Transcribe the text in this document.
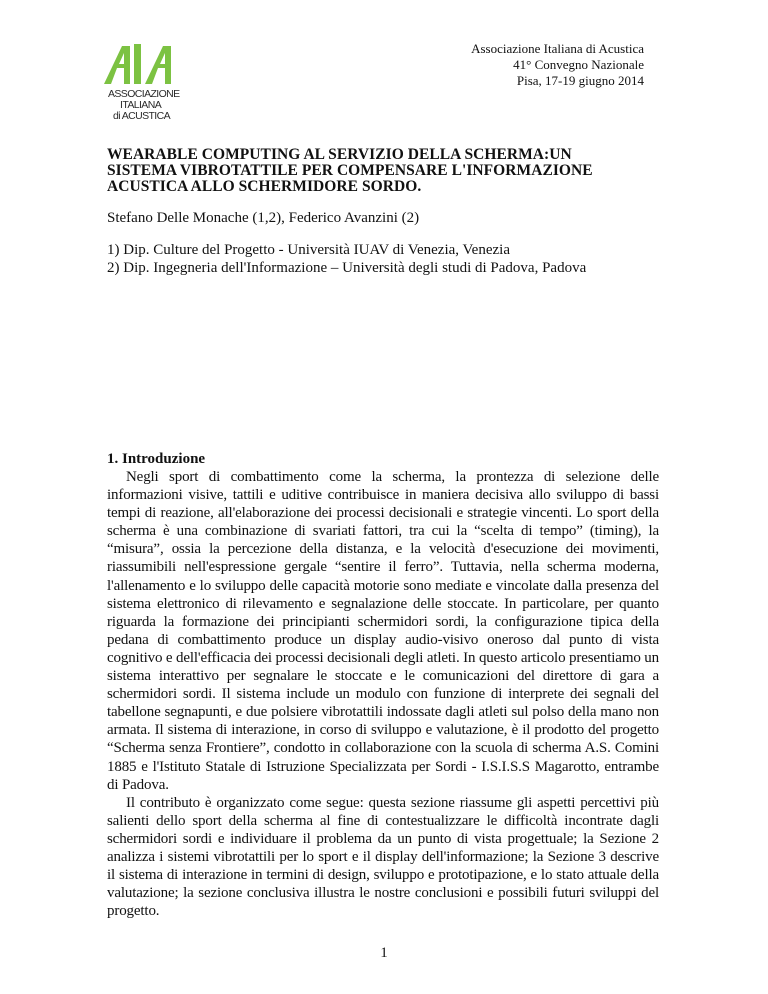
ASSOCIAZIONE
ITALIANA
di ACUSTICA
Associazione Italiana di Acustica
41° Convegno Nazionale
Pisa, 17-19 giugno 2014
WEARABLE COMPUTING AL SERVIZIO DELLA SCHERMA:UN
SISTEMA VIBROTATTILE PER COMPENSARE L'INFORMAZIONE
ACUSTICA ALLO SCHERMIDORE SORDO.
Stefano Delle Monache (1,2), Federico Avanzini (2)
1) Dip. Culture del Progetto - Università IUAV di Venezia, Venezia
2) Dip. Ingegneria dell'Informazione – Università degli studi di Padova, Padova
1. Introduzione

Negli sport di combattimento come la scherma, la prontezza di selezione delle informazioni visive, tattili e uditive contribuisce in maniera decisiva allo sviluppo di bassi tempi di reazione, all'elaborazione dei processi decisionali e strategie vincenti. Lo sport della scherma è una combinazione di svariati fattori, tra cui la “scelta di tempo” (timing), la “misura”, ossia la percezione della distanza, e la velocità d'esecuzione dei movimenti, riassumibili nell'espressione gergale “sentire il ferro”. Tuttavia, nella scherma moderna, l'allenamento e lo sviluppo delle capacità motorie sono mediate e vincolate dalla presenza del sistema elettronico di rilevamento e segnalazione delle stoccate. In particolare, per quanto riguarda la formazione dei principianti schermidori sordi, la configurazione tipica della pedana di combattimento produce un display audio-visivo oneroso dal punto di vista cognitivo e dell'efficacia dei processi decisionali degli atleti. In questo articolo presentiamo un sistema interattivo per segnalare le stoccate e le comunicazioni del direttore di gara a schermidori sordi. Il sistema include un modulo con funzione di interprete dei segnali del tabellone segnapunti, e due polsiere vibrotattili indossate dagli atleti sul polso della mano non armata. Il sistema di interazione, in corso di sviluppo e valutazione, è il prodotto del progetto “Scherma senza Frontiere”, condotto in collaborazione con la scuola di scherma A.S. Comini 1885 e l'Istituto Statale di Istruzione Specializzata per Sordi - I.S.I.S.S Magarotto, entrambe di Padova.

Il contributo è organizzato come segue: questa sezione riassume gli aspetti percettivi più salienti dello sport della scherma al fine di contestualizzare le difficoltà incontrate dagli schermidori sordi e individuare il problema da un punto di vista progettuale; la Sezione 2 analizza i sistemi vibrotattili per lo sport e il display dell'informazione; la Sezione 3 descrive il sistema di interazione in termini di design, sviluppo e prototipazione, e lo stato attuale della valutazione; la sezione conclusiva illustra le nostre conclusioni e possibili futuri sviluppi del progetto.

1
